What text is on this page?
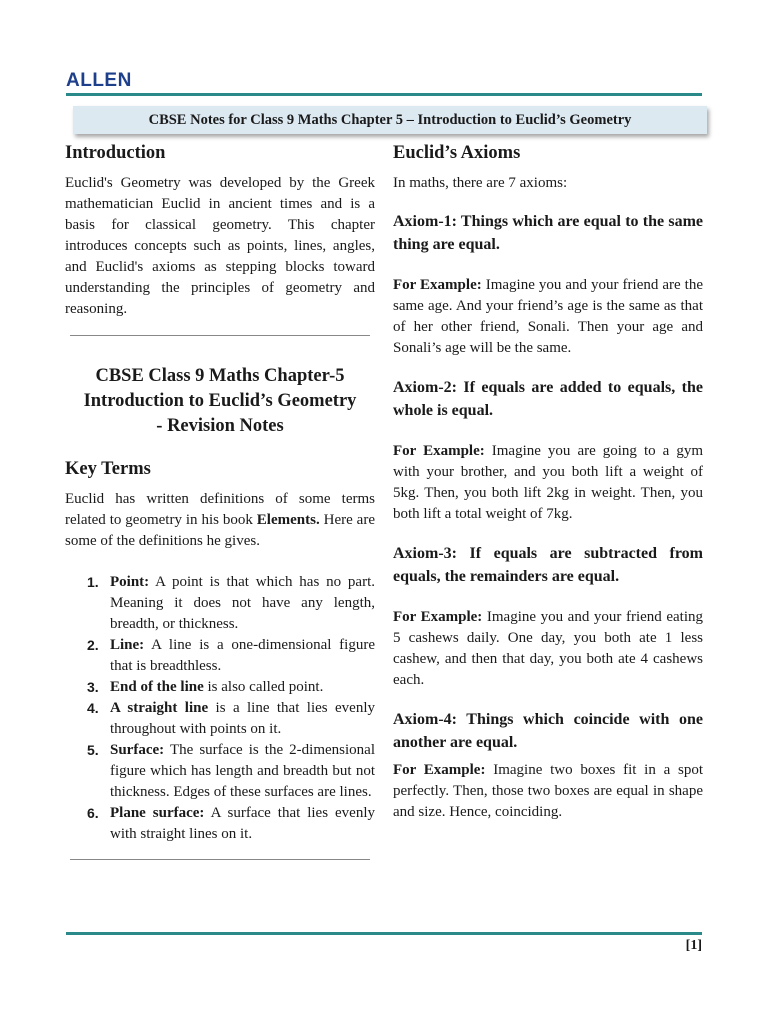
ALLEN
CBSE Notes for Class 9 Maths Chapter 5 – Introduction to Euclid’s Geometry
Introduction

Euclid's Geometry was developed by the Greek mathematician Euclid in ancient times and is a basis for classical geometry. This chapter introduces concepts such as points, lines, angles, and Euclid's axioms as stepping blocks toward understanding the principles of geometry and reasoning.

CBSE Class 9 Maths Chapter-5

Introduction to Euclid’s Geometry

- Revision Notes

Key Terms

Euclid has written definitions of some terms related to geometry in his book Elements. Here are some of the definitions he gives.

1. Point: A point is that which has no part. Meaning it does not have any length, breadth, or thickness.
2. Line: A line is a one-dimensional figure that is breadthless.
3. End of the line is also called point.
4. A straight line is a line that lies evenly throughout with points on it.
5. Surface: The surface is the 2-dimensional figure which has length and breadth but not thickness. Edges of these surfaces are lines.
6. Plane surface: A surface that lies evenly with straight lines on it.
Euclid’s Axioms

In maths, there are 7 axioms:

Axiom-1: Things which are equal to the same thing are equal.

For Example: Imagine you and your friend are the same age. And your friend’s age is the same as that of her other friend, Sonali. Then your age and Sonali’s age will be the same.

Axiom-2: If equals are added to equals, the whole is equal.

For Example: Imagine you are going to a gym with your brother, and you both lift a weight of 5kg. Then, you both lift 2kg in weight. Then, you both lift a total weight of 7kg.

Axiom-3: If equals are subtracted from equals, the remainders are equal.

For Example: Imagine you and your friend eating 5 cashews daily. One day, you both ate 1 less cashew, and then that day, you both ate 4 cashews each.

Axiom-4: Things which coincide with one another are equal.

For Example: Imagine two boxes fit in a spot perfectly. Then, those two boxes are equal in shape and size. Hence, coinciding.

[1]
